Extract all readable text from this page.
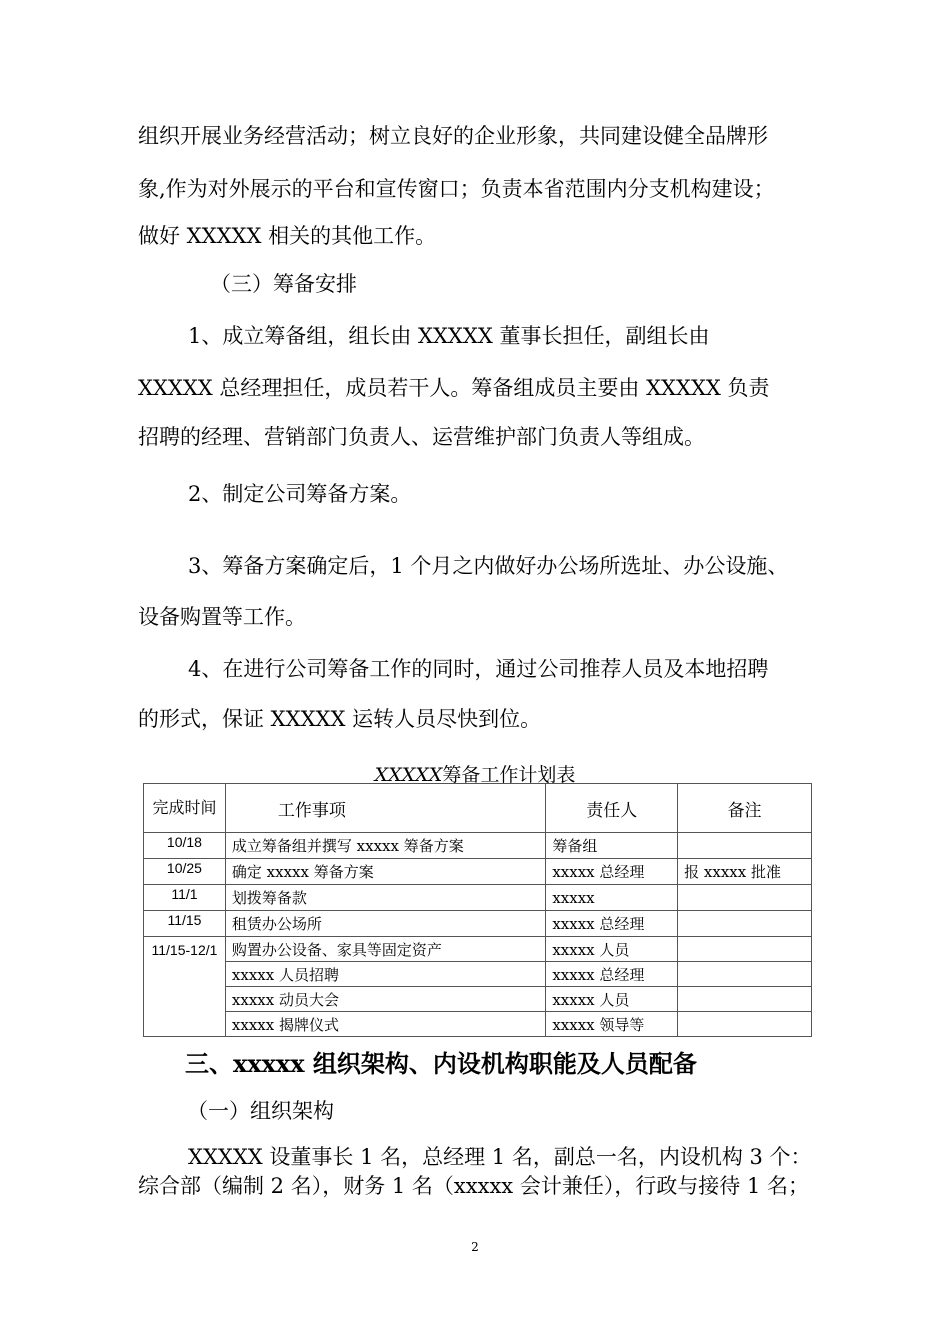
组织开展业务经营活动；树立良好的企业形象，共同建设健全品牌形
象,作为对外展示的平台和宣传窗口；负责本省范围内分支机构建设；
做好 XXXXX 相关的其他工作。
（三）筹备安排
1、成立筹备组，组长由 XXXXX 董事长担任，副组长由
XXXXX 总经理担任，成员若干人。筹备组成员主要由 XXXXX 负责
招聘的经理、营销部门负责人、运营维护部门负责人等组成。
2、制定公司筹备方案。
3、筹备方案确定后，1 个月之内做好办公场所选址、办公设施、
设备购置等工作。
4、在进行公司筹备工作的同时，通过公司推荐人员及本地招聘
的形式，保证 XXXXX 运转人员尽快到位。
XXXXX筹备工作计划表
完成时间	工作事项	责任人	备注
10/18	成立筹备组并撰写 xxxxx 筹备方案	筹备组	
10/25	确定 xxxxx 筹备方案	xxxxx 总经理	报 xxxxx 批准
11/1	划拨筹备款	xxxxx	
11/15	租赁办公场所	xxxxx 总经理	
11/15-12/1	购置办公设备、家具等固定资产	xxxxx 人员	
	xxxxx 人员招聘	xxxxx 总经理	
	xxxxx 动员大会	xxxxx 人员	
	xxxxx 揭牌仪式	xxxxx 领导等	
三、xxxxx 组织架构、内设机构职能及人员配备
（一）组织架构
XXXXX 设董事长 1 名，总经理 1 名，副总一名，内设机构 3 个：
综合部（编制 2 名），财务 1 名（xxxxx 会计兼任），行政与接待 1 名；
2
